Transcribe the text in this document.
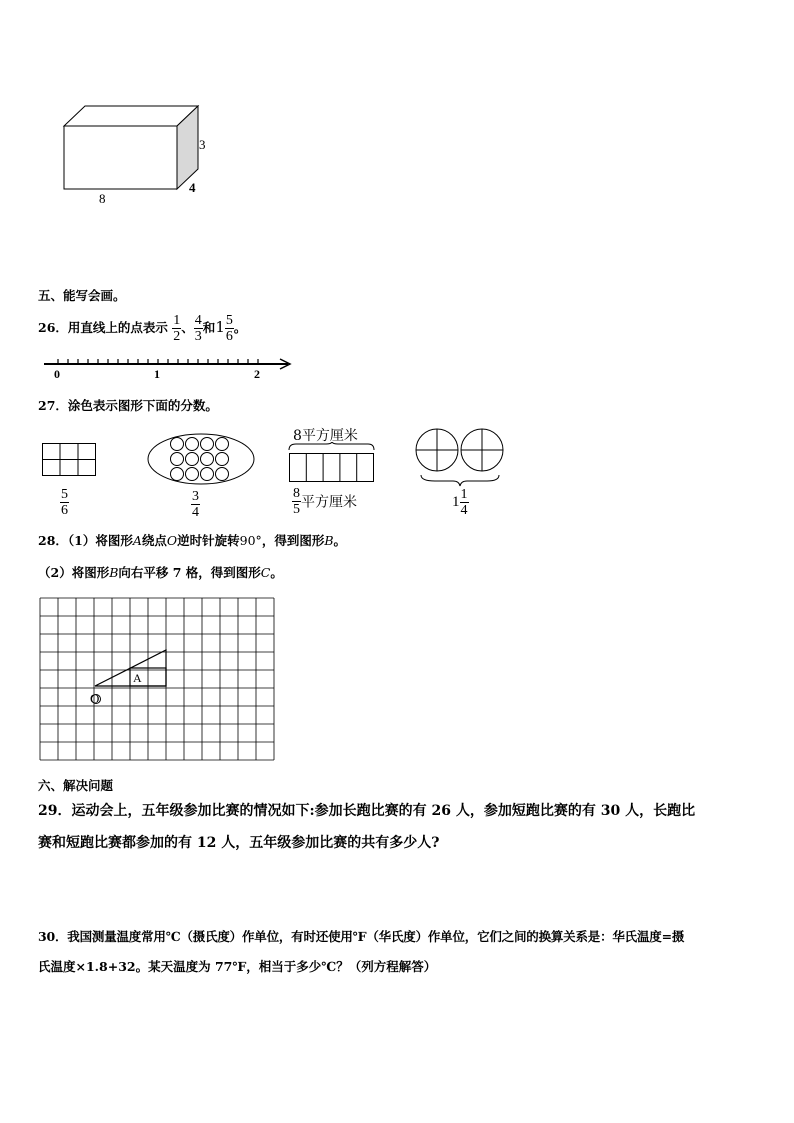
3
4
8
五、能写会画。
26．用直线上的点表示 $\frac{1}{2}$ 、 $\frac{4}{3}$ 和$1 \frac{5}{6}$ 。
0	1	2
27．涂色表示图形下面的分数。
$\frac{5}{6}$	$\frac{3}{4}$
8平方厘米
$\frac{8}{5}$ 平方厘米	$1 \frac{1}{4}$
28．（1）将图形A绕点O逆时针旋转90°，得到图形B。
（2）将图形B向右平移 7 格，得到图形C。
A
O
六、解决问题
29．运动会上，五年级参加比赛的情况如下:参加长跑比赛的有 26 人，参加短跑比赛的有 30 人，长跑比
赛和短跑比赛都参加的有 12 人，五年级参加比赛的共有多少人?
30．我国测量温度常用℃（摄氏度）作单位，有时还使用℉（华氏度）作单位，它们之间的换算关系是：华氏温度=摄
氏温度×1.8+32。某天温度为 77℉，相当于多少℃？（列方程解答）
